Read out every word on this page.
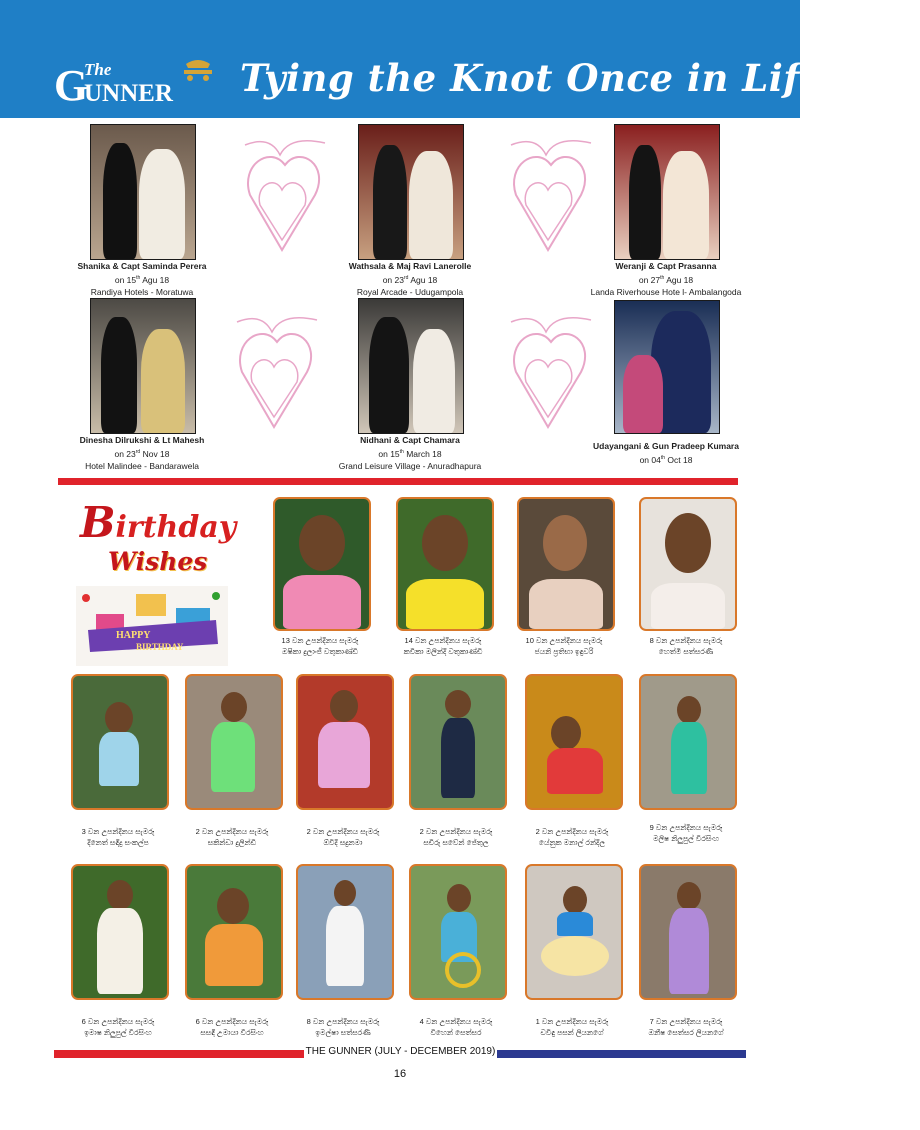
G
The
UNNER Tying the Knot Once in Lifetime
Shanika & Capt Saminda Perera
on 15th Agu 18
Randiya Hotels - Moratuwa
Wathsala & Maj Ravi Lanerolle
on 23rd Agu 18
Royal Arcade - Udugampola
Weranji & Capt Prasanna
on 27th Agu 18
Landa Riverhouse Hote l- Ambalangoda
Dinesha Dilrukshi & Lt Mahesh
on 23rd Nov 18
Hotel Malindee - Bandarawela
Nidhani & Capt Chamara
on 15th March 18
Grand Leisure Village - Anuradhapura
Udayangani & Gun Pradeep Kumara
on 04th Oct 18
Birthday
Wishes
HAPPY
BIRTHDAY
13 වන උපන්දිනය සැමරූ
ඔෂිකා දුලාංජී වතුකාණ්ඩි
14 වන උපන්දිනය සැමරූ
කවිකා මලින්දි වතුකාණ්ඩි
10 වන උපන්දිනය සැමරූ
ජයනි ප්‍රතිභා ඉඳුවරි
8 වන උපන්දිනය සැමරූ
හෙත්මි සත්සරණි
3 වන උපන්දිනය සැමරූ
දිනෙත් සඳිදු සංකල්ප
2 වන උපන්දිනය සැමරූ
සකින්ඩා දුලින්ඩි
2 වන උපන්දිනය සැමරූ
ඕවිදි සදුනමා
2 වන උපන්දිනය සැමරූ
සචිරු සවේන් ජේතුල
2 වන උපන්දිනය සැමරූ
යේනුක මනාල් රන්දිල
9 වන උපන්දිනය සැමරූ
මලිෂ නිලුපුල් වීරසිංහ
6 වන උපන්දිනය සැමරූ
ඉමාෂ නිලුපුල් වීරසිංහ
6 වන උපන්දිනය සැමරූ
සසඳි උමායා වීරසිංහ
8 වන උපන්දිනය සැමරූ
ඉමල්ෂා සත්සරණි
4 වන උපන්දිනය සැමරූ
විහෙන් සෙත්සර
1 වන උපන්දිනය සැමරූ
චවිඳු පසන් ලියනගේ
7 වන උපන්දිනය සැමරූ
ඔනීෂ සෙත්සර ලියනගේ
THE GUNNER (JULY - DECEMBER 2019)
16
